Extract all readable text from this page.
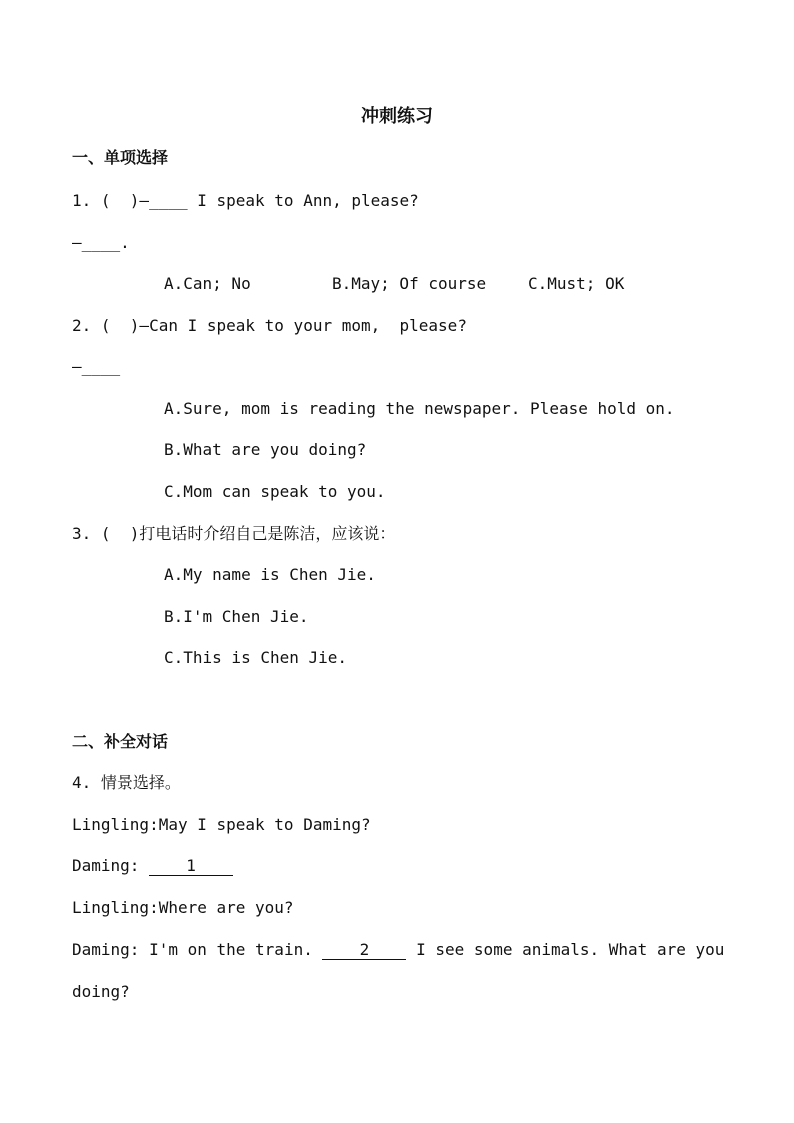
冲刺练习
一、单项选择
1. (  )—____ I speak to Ann, please?
—____.
A.Can; No	B.May; Of course	C.Must; OK
2. (  )—Can I speak to your mom,  please?
—____
A.Sure, mom is reading the newspaper. Please hold on.
B.What are you doing?
C.Mom can speak to you.
3. (  )打电话时介绍自己是陈洁，应该说：
A.My name is Chen Jie.
B.I'm Chen Jie.
C.This is Chen Jie.
二、补全对话
4. 情景选择。
Lingling:May I speak to Daming?
Daming:	1
Lingling:Where are you?
Daming: I'm on the train.	2	I see some animals. What are you
doing?
